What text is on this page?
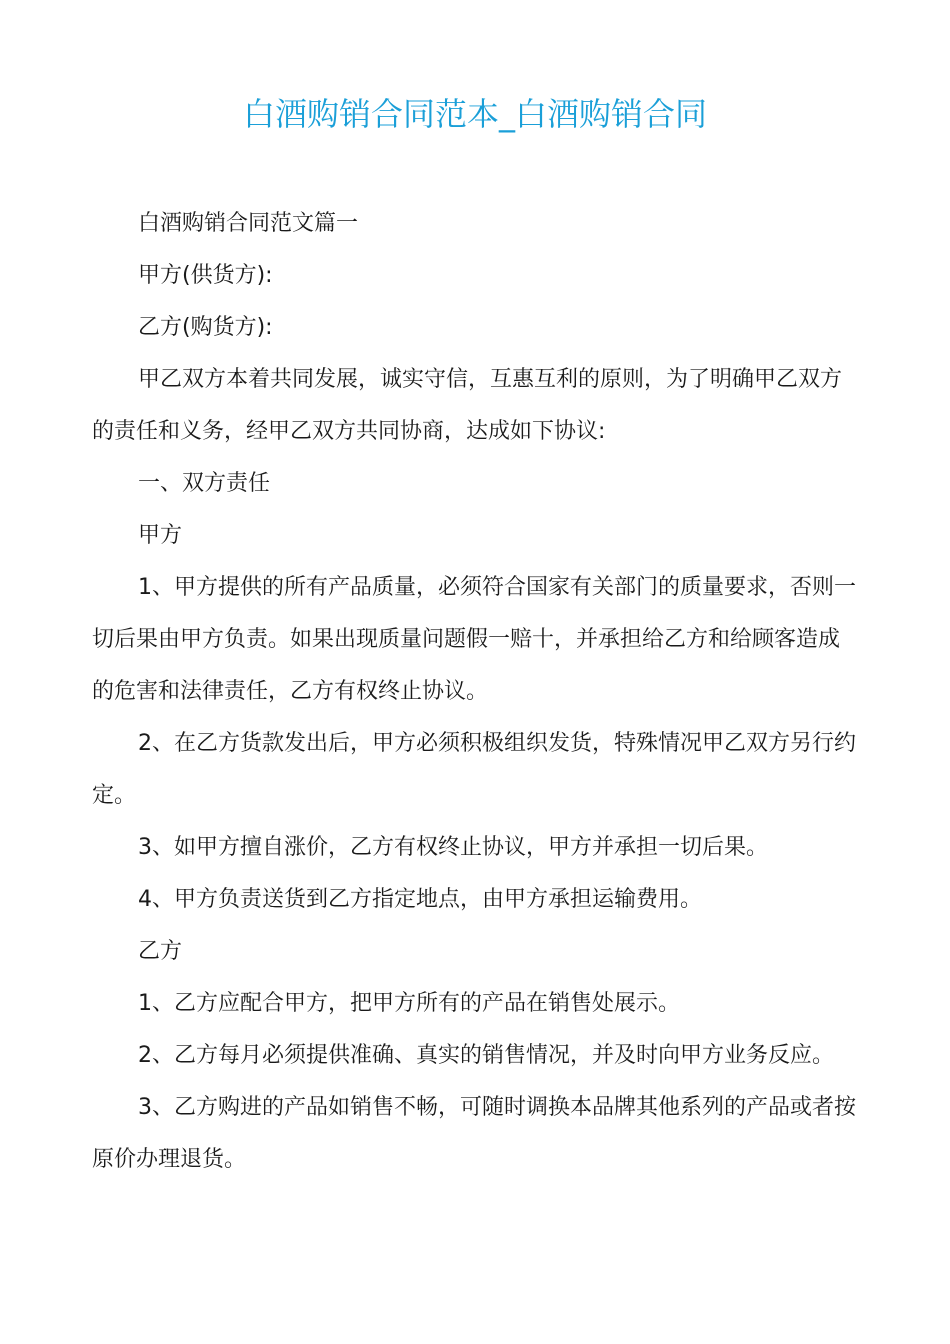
白酒购销合同范本_白酒购销合同

白酒购销合同范文篇一

甲方(供货方):

乙方(购货方):

甲乙双方本着共同发展，诚实守信，互惠互利的原则，为了明确甲乙双方的责任和义务，经甲乙双方共同协商，达成如下协议:

一、双方责任

甲方

1、甲方提供的所有产品质量，必须符合国家有关部门的质量要求，否则一切后果由甲方负责。如果出现质量问题假一赔十，并承担给乙方和给顾客造成的危害和法律责任，乙方有权终止协议。

2、在乙方货款发出后，甲方必须积极组织发货，特殊情况甲乙双方另行约定。

3、如甲方擅自涨价，乙方有权终止协议，甲方并承担一切后果。

4、甲方负责送货到乙方指定地点，由甲方承担运输费用。

乙方

1、乙方应配合甲方，把甲方所有的产品在销售处展示。

2、乙方每月必须提供准确、真实的销售情况，并及时向甲方业务反应。

3、乙方购进的产品如销售不畅，可随时调换本品牌其他系列的产品或者按原价办理退货。
